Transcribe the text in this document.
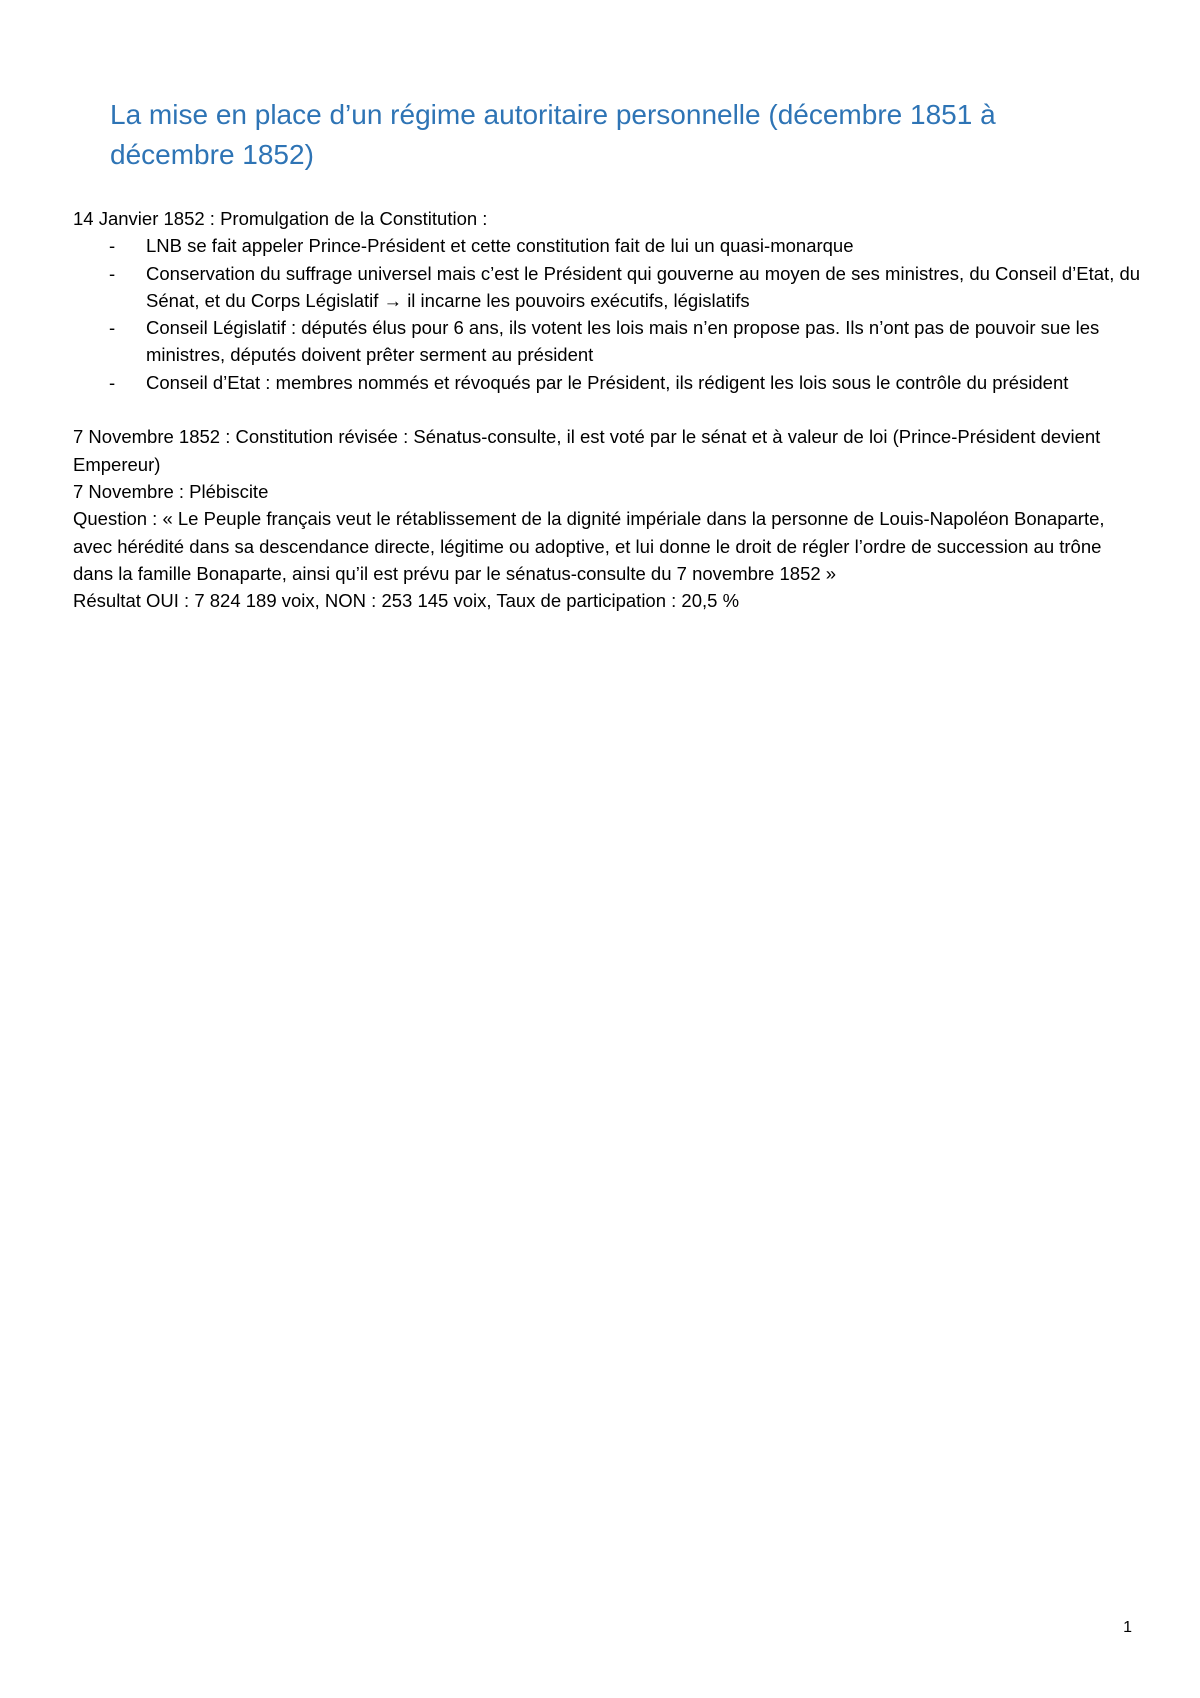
La mise en place d’un régime autoritaire personnelle (décembre 1851 à décembre 1852)

14 Janvier 1852 : Promulgation de la Constitution :

- LNB se fait appeler Prince-Président et cette constitution fait de lui un quasi-monarque
- Conservation du suffrage universel mais c’est le Président qui gouverne au moyen de ses ministres, du Conseil d’Etat, du Sénat, et du Corps Législatif → il incarne les pouvoirs exécutifs, législatifs
- Conseil Législatif : députés élus pour 6 ans, ils votent les lois mais n’en propose pas. Ils n’ont pas de pouvoir sue les ministres, députés doivent prêter serment au président
- Conseil d’Etat : membres nommés et révoqués par le Président, ils rédigent les lois sous le contrôle du président

7 Novembre 1852 : Constitution révisée : Sénatus-consulte, il est voté par le sénat et à valeur de loi (Prince-Président devient Empereur)

7 Novembre : Plébiscite

Question : « Le Peuple français veut le rétablissement de la dignité impériale dans la personne de Louis-Napoléon Bonaparte, avec hérédité dans sa descendance directe, légitime ou adoptive, et lui donne le droit de régler l’ordre de succession au trône dans la famille Bonaparte, ainsi qu’il est prévu par le sénatus-consulte du 7 novembre 1852 »

Résultat OUI : 7 824 189 voix, NON : 253 145 voix, Taux de participation : 20,5 %

1
